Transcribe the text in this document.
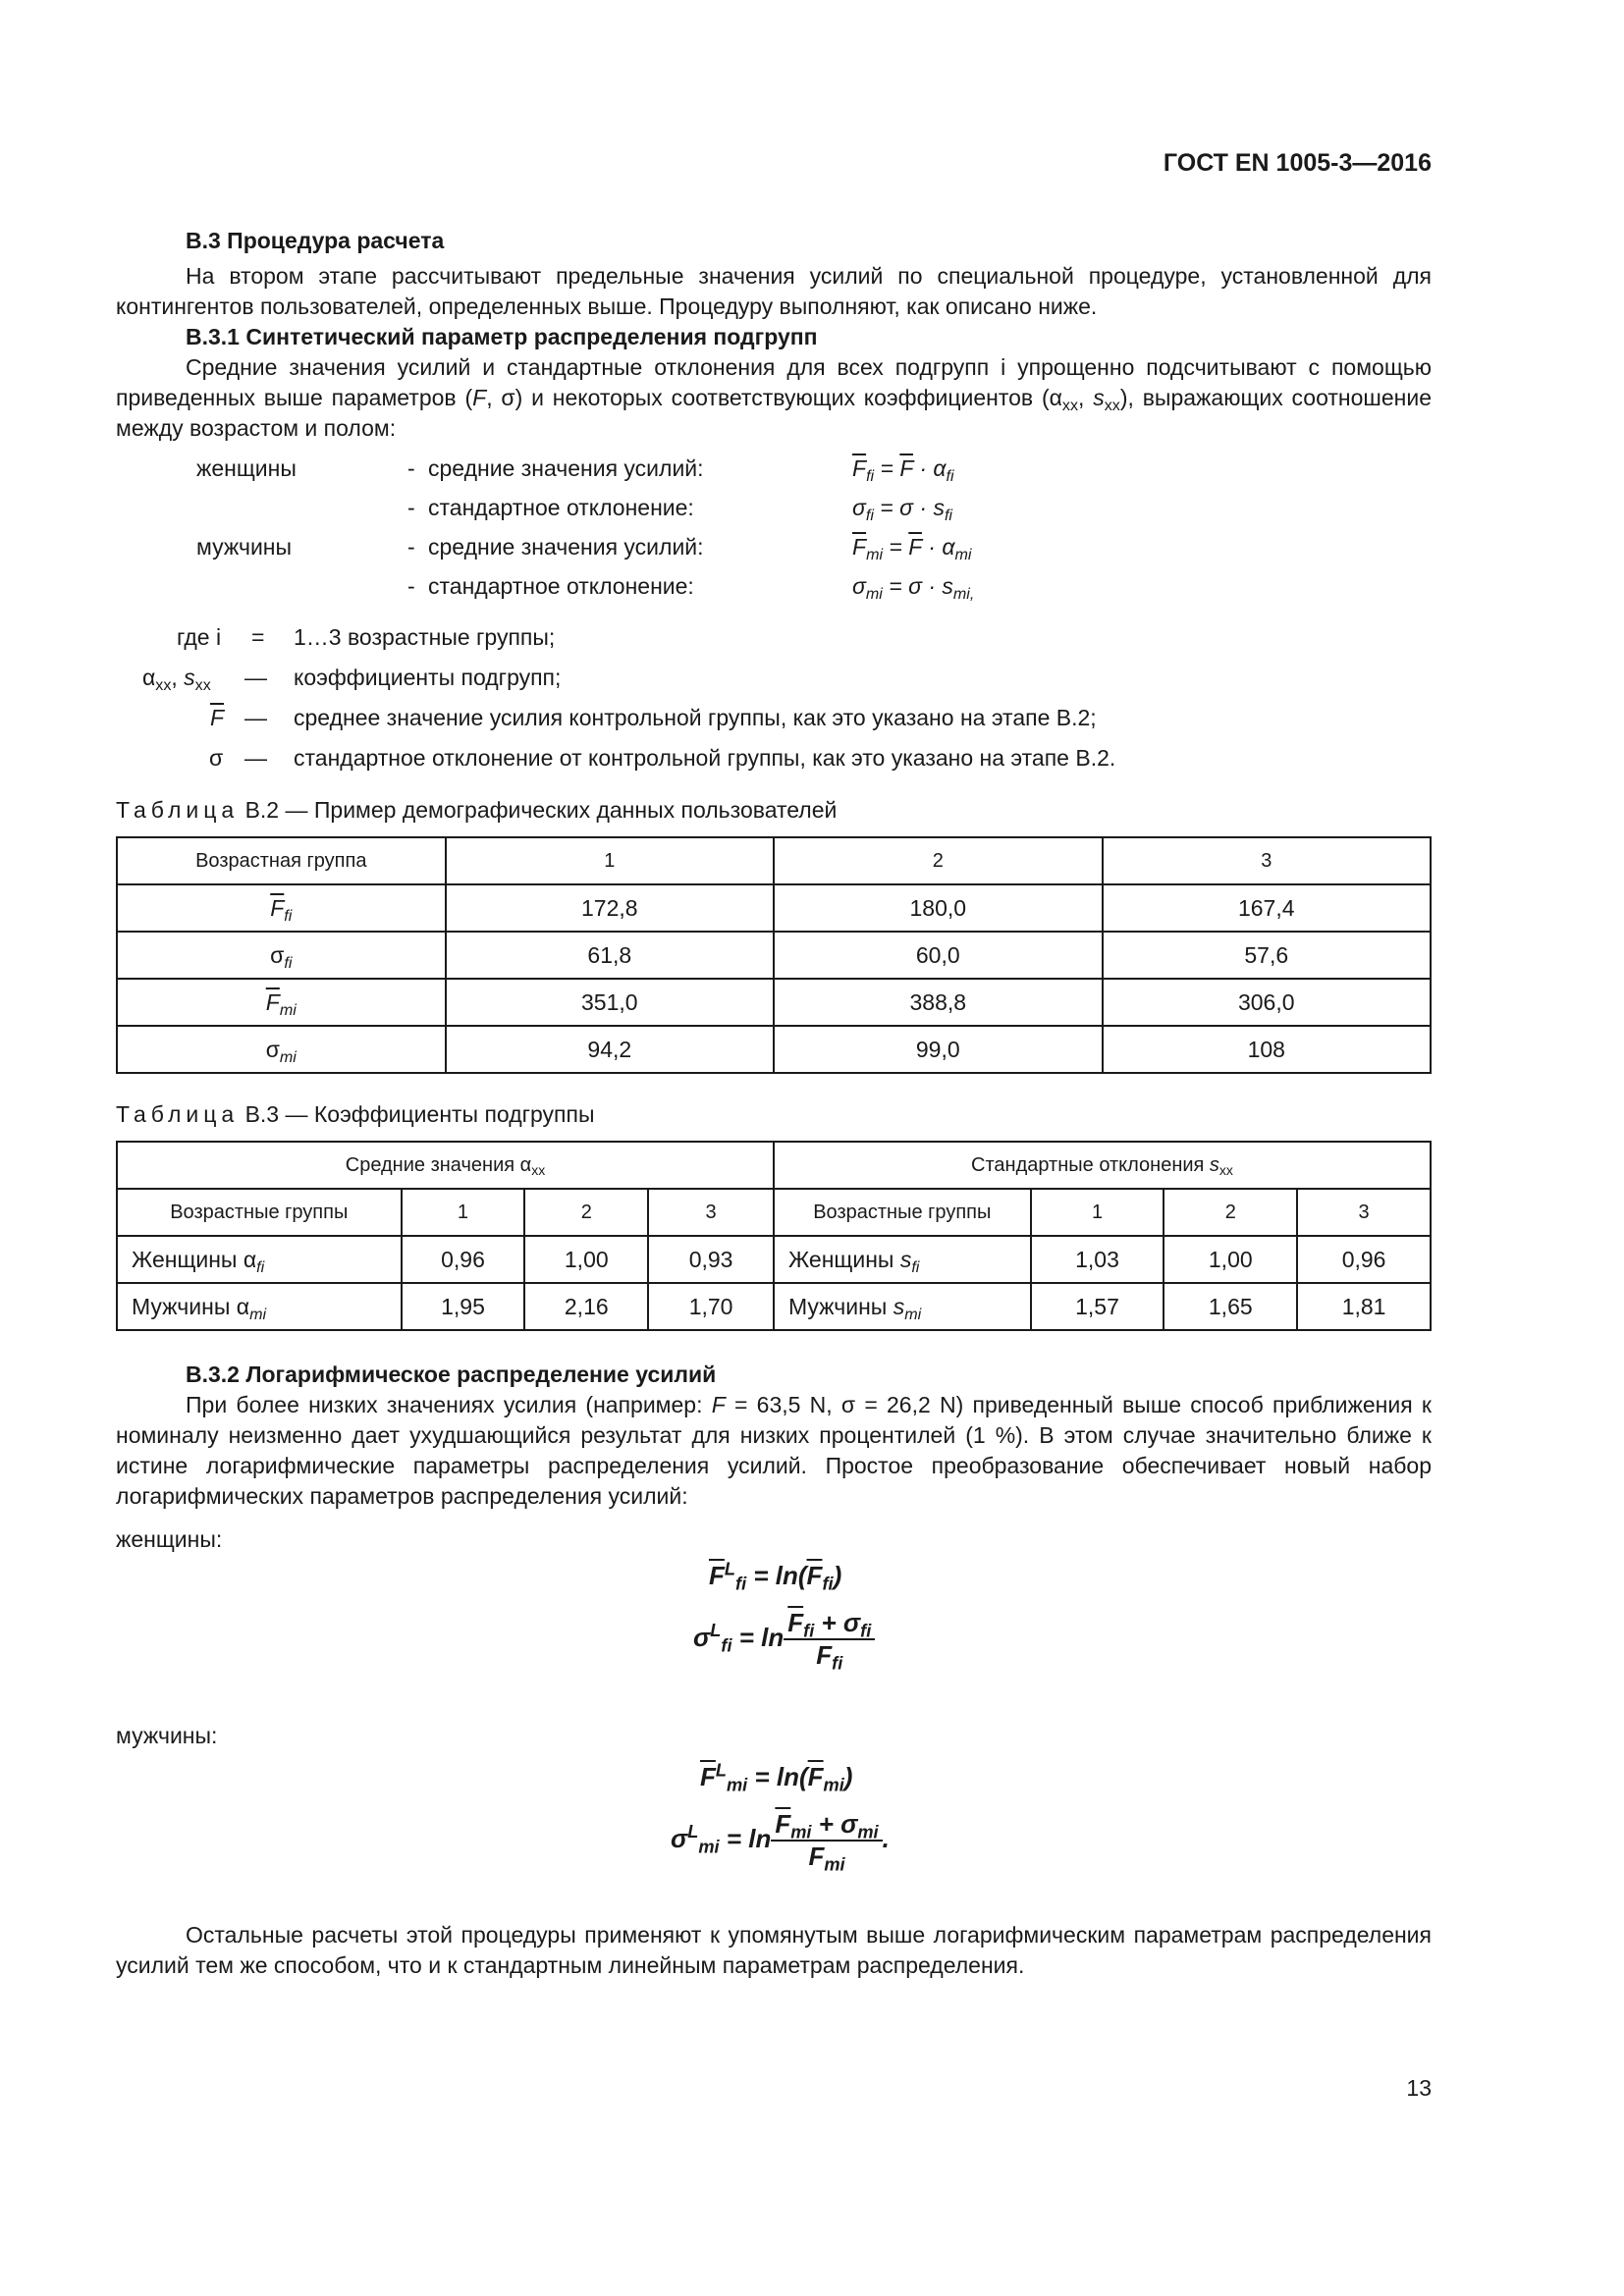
ГОСТ EN 1005-3—2016
B.3 Процедура расчета

На втором этапе рассчитывают предельные значения усилий по специальной процедуре, установленной для контингентов пользователей, определенных выше. Процедуру выполняют, как описано ниже.

B.3.1 Синтетический параметр распределения подгрупп

Средние значения усилий и стандартные отклонения для всех подгрупп i упрощенно подсчитывают с помощью приведенных выше параметров (F, σ) и некоторых соответствующих коэффициентов ($\alpha_{xx}$, $s_{xx}$), выражающих соотношение между возрастом и полом:

женщины	- средние значения усилий:	$\overline{F}_{fi} = \overline{F} \cdot \alpha_{fi}$
- стандартное отклонение:	$\sigma_{fi} = \sigma \cdot s_{fi}$
мужчины	- средние значения усилий:	$\overline{F}_{mi} = \overline{F} \cdot \alpha_{mi}$
- стандартное отклонение:	$\sigma_{mi} = \sigma \cdot s_{mi,}$
где i = 1…3 возрастные группы;
$\alpha_{xx}$, $s_{xx}$ — коэффициенты подгрупп;
$\overline{F}$ — среднее значение усилия контрольной группы, как это указано на этапе B.2;
σ — стандартное отклонение от контрольной группы, как это указано на этапе B.2.
Таблица B.2 — Пример демографических данных пользователей
Возрастная группа	1	2	3
$\overline{F}_{fi}$	172,8	180,0	167,4
$\sigma_{fi}$	61,8	60,0	57,6
$\overline{F}_{mi}$	351,0	388,8	306,0
$\sigma_{mi}$	94,2	99,0	108
Таблица B.3 — Коэффициенты подгруппы
Средние значения $\alpha_{xx}$				Стандартные отклонения $s_{xx}$
Возрастные группы	1	2	3	Возрастные группы	1	2	3
Женщины $\alpha_{fi}$	0,96	1,00	0,93	Женщины $s_{fi}$	1,03	1,00	0,96
Мужчины $\alpha_{mi}$	1,95	2,16	1,70	Мужчины $s_{mi}$	1,57	1,65	1,81
B.3.2 Логарифмическое распределение усилий

При более низких значениях усилия (например: F = 63,5 N, σ = 26,2 N) приведенный выше способ приближения к номиналу неизменно дает ухудшающийся результат для низких процентилей (1 %). В этом случае значительно ближе к истине логарифмические параметры распределения усилий. Простое преобразование обеспечивает новый набор логарифмических параметров распределения усилий:

женщины:
$\overline{F}^L_{fi} = \ln(\overline{F}_{fi})$
$\sigma^L_{fi} = \ln \frac{\overline{F}_{fi} + \sigma_{fi}}{\overline{F}_{fi}}$
мужчины:
$\overline{F}^L_{mi} = \ln(\overline{F}_{mi})$
$\sigma^L_{mi} = \ln \frac{\overline{F}_{mi} + \sigma_{mi}}{\overline{F}_{mi}}$ .

Остальные расчеты этой процедуры применяют к упомянутым выше логарифмическим параметрам распределения усилий тем же способом, что и к стандартным линейным параметрам распределения.

13
